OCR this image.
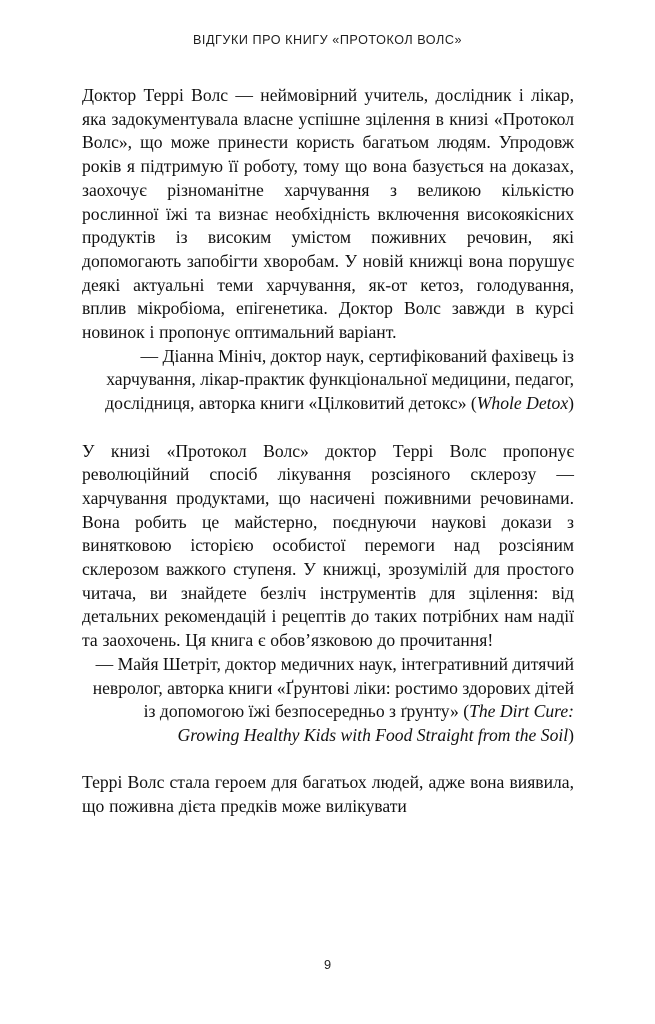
ВІДГУКИ ПРО КНИГУ «ПРОТОКОЛ ВОЛС»

Доктор Террі Волс — неймовірний учитель, дослідник і лікар, яка задокументувала власне успішне зцілення в книзі «Протокол Волс», що може принести користь багатьом людям. Упродовж років я підтримую її роботу, тому що вона базується на доказах, заохочує різноманітне харчування з великою кількістю рослинної їжі та визнає необхідність включення високоякісних продуктів із високим умістом поживних речовин, які допомогають запобігти хворобам. У новій книжці вона порушує деякі актуальні теми харчування, як-от кетоз, голодування, вплив мікробіома, епігенетика. Доктор Волс завжди в курсі новинок і пропонує оптимальний варіант.

— Діанна Мініч, доктор наук, сертифікований фахівець із харчування, лікар-практик функціональної медицини, педагог, дослідниця, авторка книги «Цілковитий детокс» (Whole Detox)

У книзі «Протокол Волс» доктор Террі Волс пропонує революційний спосіб лікування розсіяного склерозу — харчування продуктами, що насичені поживними речовинами. Вона робить це майстерно, поєднуючи наукові докази з винятковою історією особистої перемоги над розсіяним склерозом важкого ступеня. У книжці, зрозумілій для простого читача, ви знайдете безліч інструментів для зцілення: від детальних рекомендацій і рецептів до таких потрібних нам надії та заохочень. Ця книга є обов’язковою до прочитання!

— Майя Шетріт, доктор медичних наук, інтегративний дитячий невролог, авторка книги «Ґрунтові ліки: ростимо здорових дітей із допомогою їжі безпосередньо з ґрунту» (The Dirt Cure: Growing Healthy Kids with Food Straight from the Soil)

Террі Волс стала героем для багатьох людей, адже вона виявила, що поживна дієта предків може вилікувати

9
